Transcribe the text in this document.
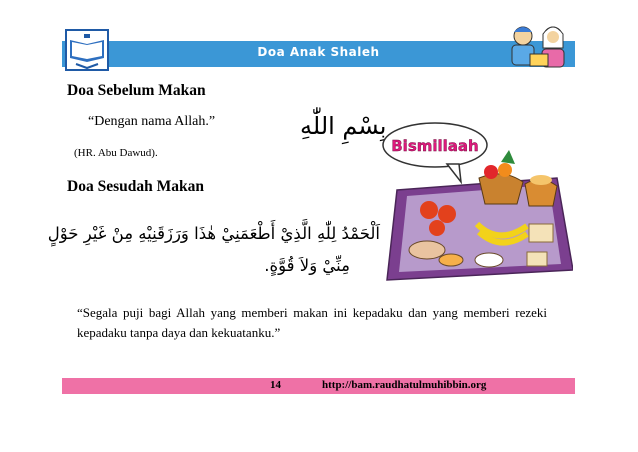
Doa Anak Shaleh
Doa Sebelum Makan
“Dengan nama Allah.”	بِسْمِ اللّٰهِ
(HR. Abu Dawud).
Doa Sesudah Makan
اَلْحَمْدُ لِلّٰهِ الَّذِيْ أَطْعَمَنِيْ هٰذَا وَرَزَقَنِيْهِ مِنْ غَيْرِ حَوْلٍ
مِنِّيْ وَلاَ قُوَّةٍ.
“Segala puji bagi Allah yang memberi makan ini kepadaku dan yang memberi rezeki kepadaku tanpa daya dan kekuatanku.”
Bismillaah
14	http://bam.raudhatulmuhibbin.org
